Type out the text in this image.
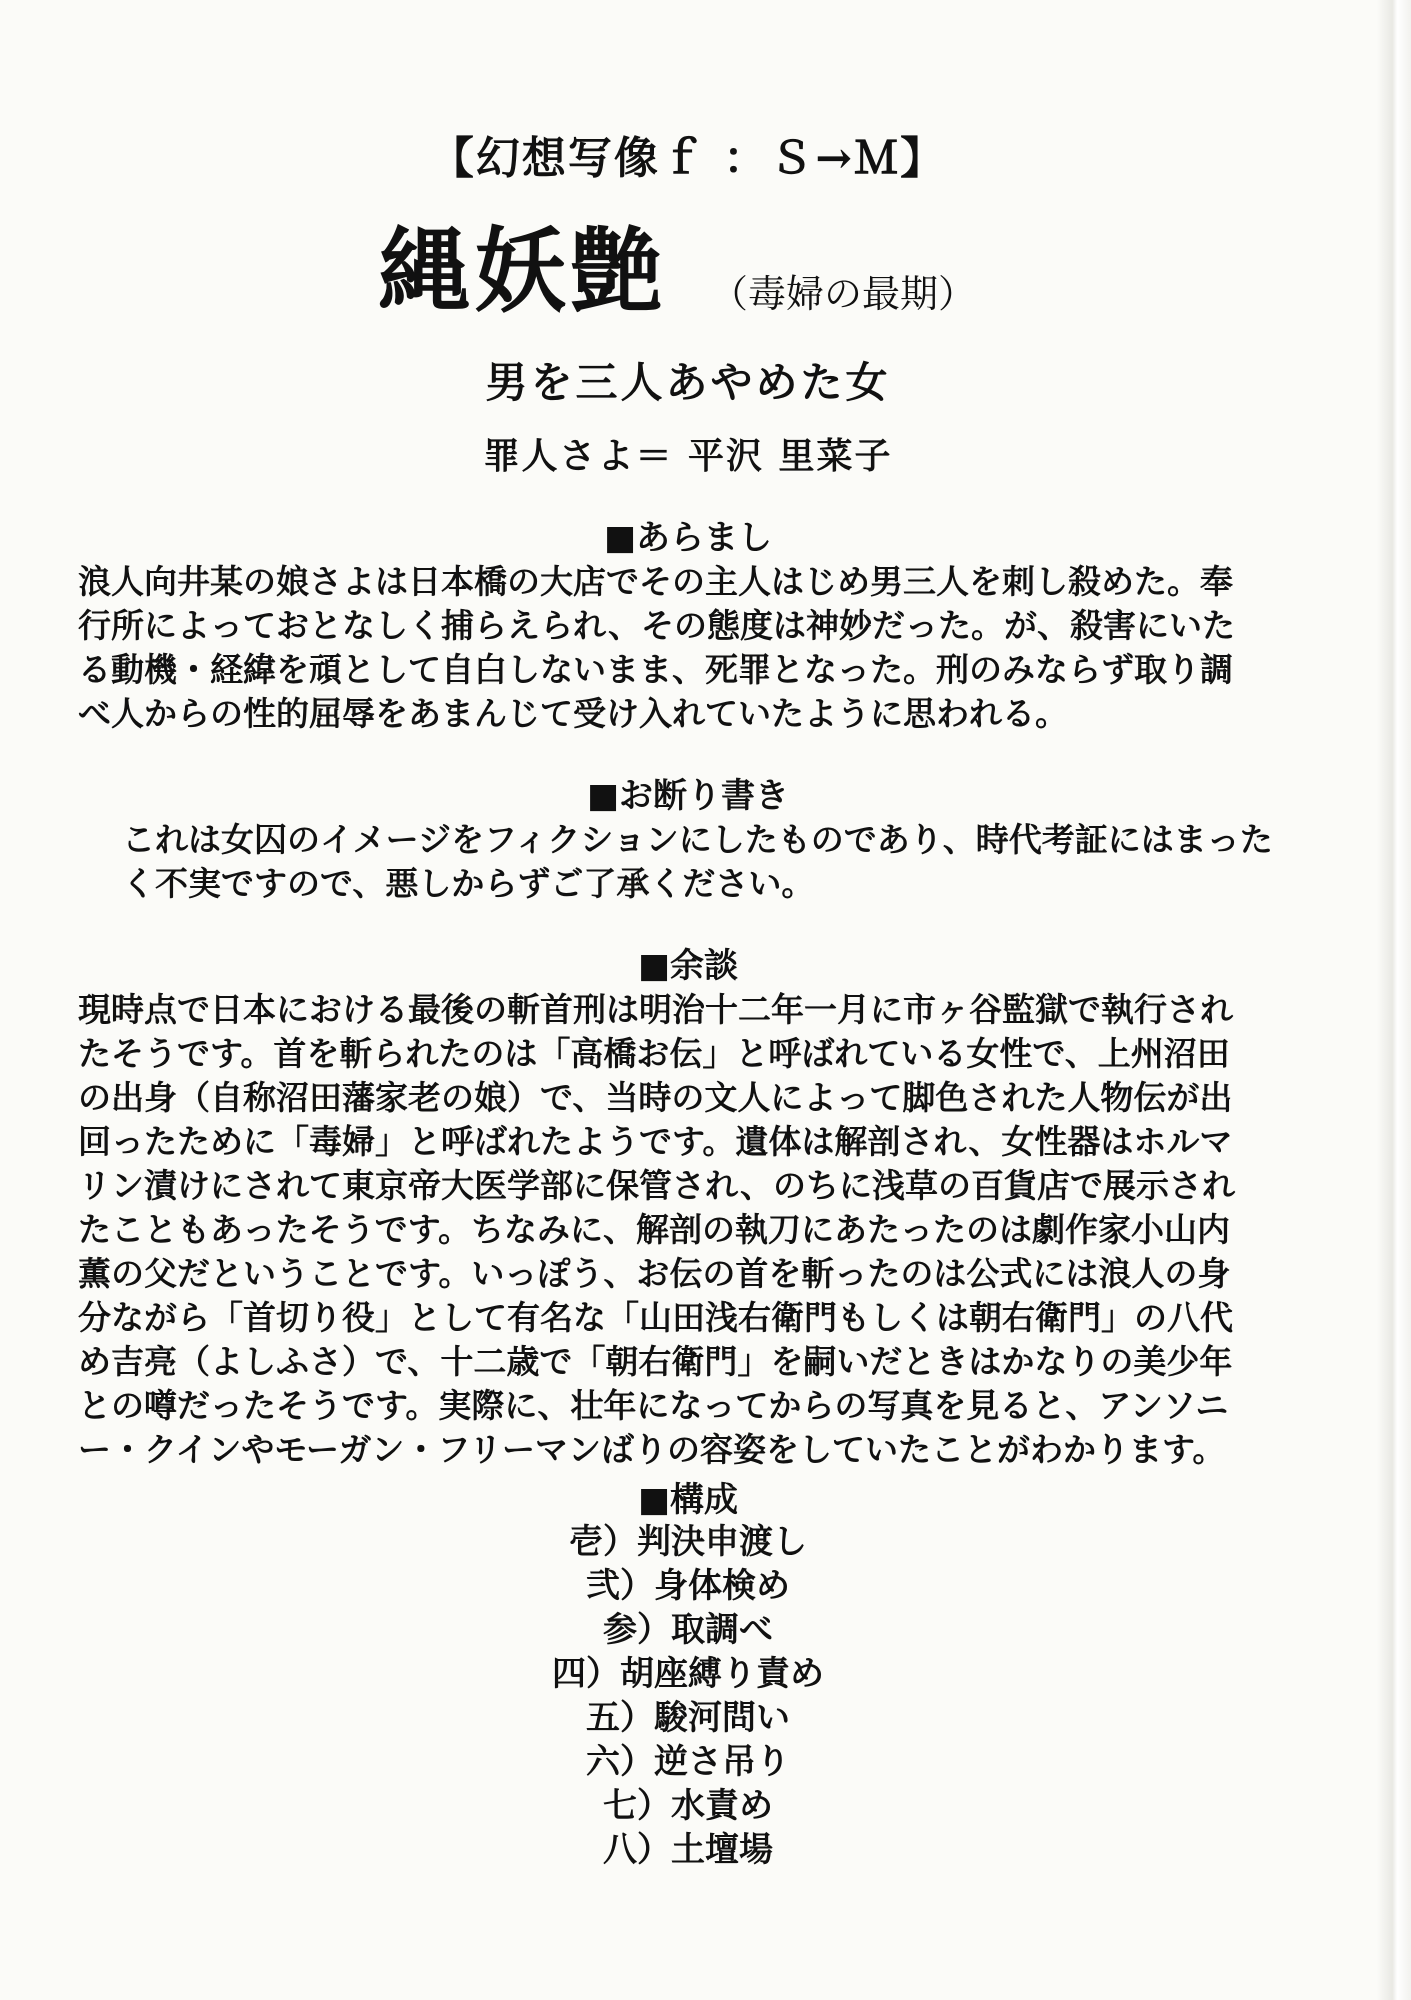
【幻想写像ｆ ：Ｓ→Ｍ】
縄妖艶 （毒婦の最期）
男を三人あやめた女
罪人さよ＝ 平沢 里菜子
■あらまし
浪人向井某の娘さよは日本橋の大店でその主人はじめ男三人を刺し殺めた。奉
行所によっておとなしく捕らえられ、その態度は神妙だった。が、殺害にいた
る動機・経緯を頑として自白しないまま、死罪となった。刑のみならず取り調
べ人からの性的屈辱をあまんじて受け入れていたように思われる。
■お断り書き
これは女囚のイメージをフィクションにしたものであり、時代考証にはまった
く不実ですので、悪しからずご了承ください。
■余談
現時点で日本における最後の斬首刑は明治十二年一月に市ヶ谷監獄で執行され
たそうです。首を斬られたのは「高橋お伝」と呼ばれている女性で、上州沼田
の出身（自称沼田藩家老の娘）で、当時の文人によって脚色された人物伝が出
回ったために「毒婦」と呼ばれたようです。遺体は解剖され、女性器はホルマ
リン漬けにされて東京帝大医学部に保管され、のちに浅草の百貨店で展示され
たこともあったそうです。ちなみに、解剖の執刀にあたったのは劇作家小山内
薫の父だということです。いっぽう、お伝の首を斬ったのは公式には浪人の身
分ながら「首切り役」として有名な「山田浅右衛門もしくは朝右衛門」の八代
め吉亮（よしふさ）で、十二歳で「朝右衛門」を嗣いだときはかなりの美少年
との噂だったそうです。実際に、壮年になってからの写真を見ると、アンソニ
ー・クインやモーガン・フリーマンばりの容姿をしていたことがわかります。
■構成
壱）判決申渡し
弐）身体検め
参）取調べ
四）胡座縛り責め
五）駿河問い
六）逆さ吊り
七）水責め
八）土壇場
